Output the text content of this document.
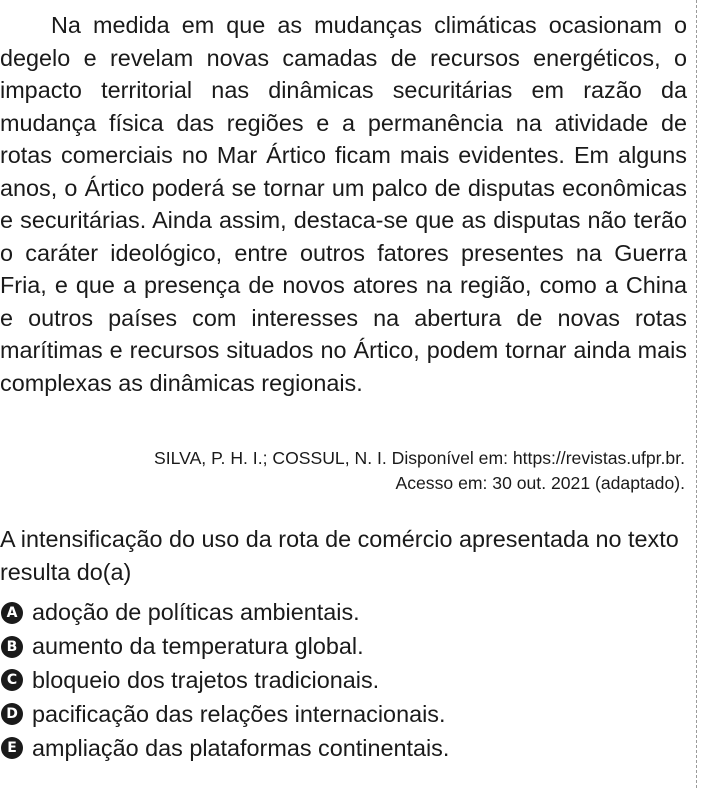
Na medida em que as mudanças climáticas ocasionam o degelo e revelam novas camadas de recursos energéticos, o impacto territorial nas dinâmicas securitárias em razão da mudança física das regiões e a permanência na atividade de rotas comerciais no Mar Ártico ficam mais evidentes. Em alguns anos, o Ártico poderá se tornar um palco de disputas econômicas e securitárias. Ainda assim, destaca-se que as disputas não terão o caráter ideológico, entre outros fatores presentes na Guerra Fria, e que a presença de novos atores na região, como a China e outros países com interesses na abertura de novas rotas marítimas e recursos situados no Ártico, podem tornar ainda mais complexas as dinâmicas regionais.

SILVA, P. H. I.; COSSUL, N. I. Disponível em: https://revistas.ufpr.br.
Acesso em: 30 out. 2021 (adaptado).

A intensificação do uso da rota de comércio apresentada no texto resulta do(a)

A adoção de políticas ambientais.
B aumento da temperatura global.
C bloqueio dos trajetos tradicionais.
D pacificação das relações internacionais.
E ampliação das plataformas continentais.
